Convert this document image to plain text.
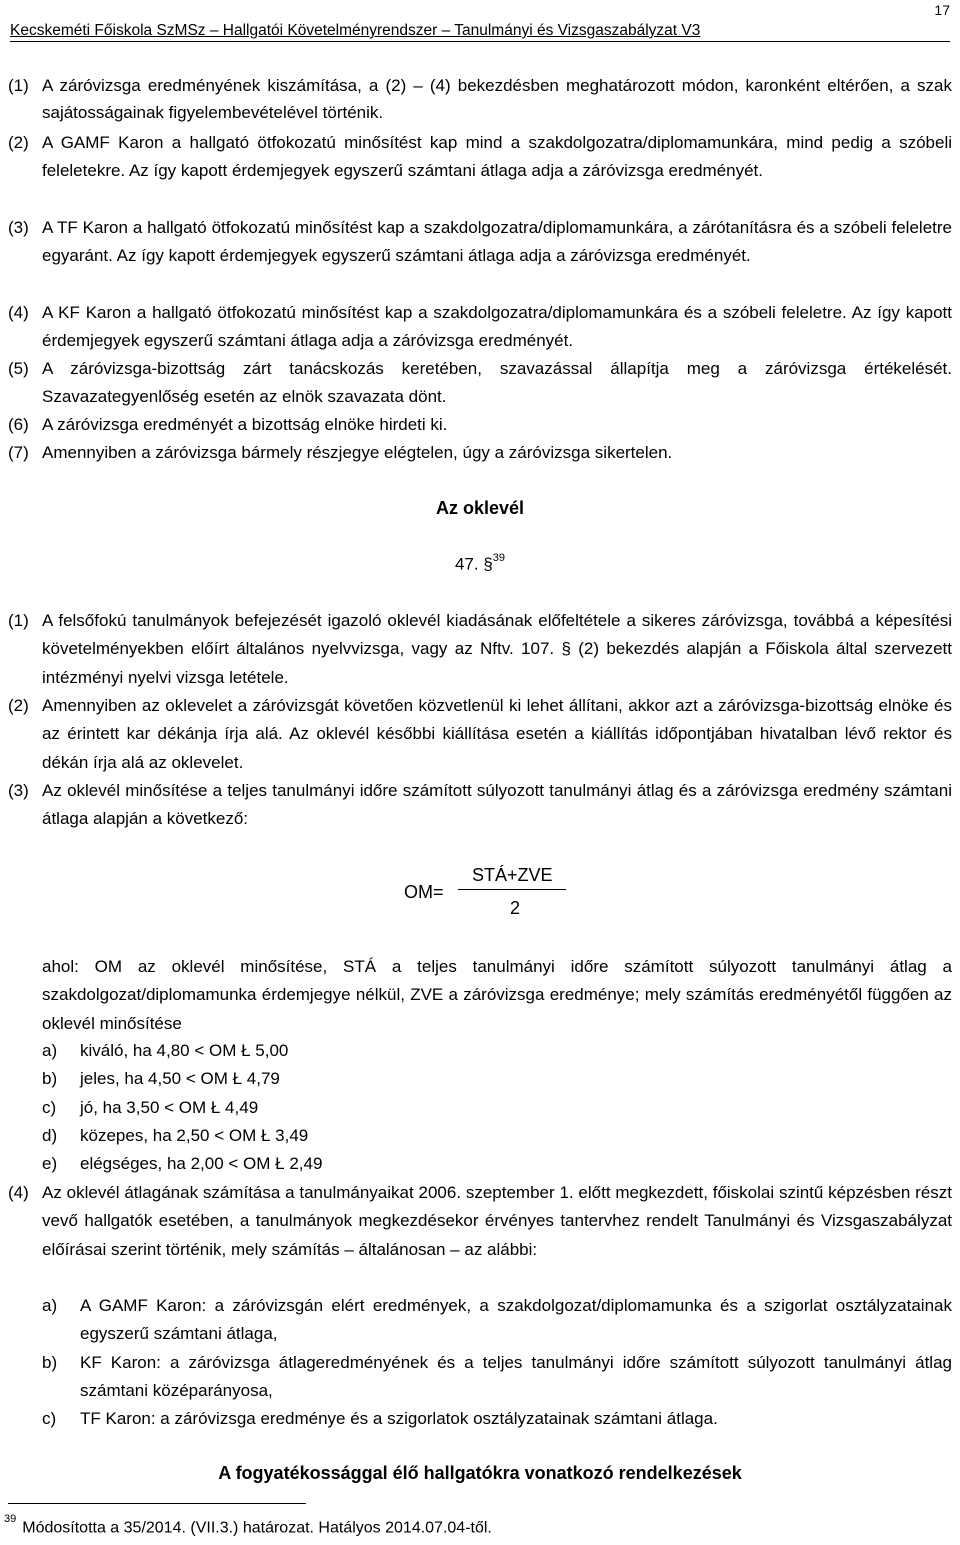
Kecskeméti Főiskola SzMSz – Hallgatói Követelményrendszer – Tanulmányi és Vizsgaszabályzat V3
17
(1) A záróvizsga eredményének kiszámítása, a (2) – (4) bekezdésben meghatározott módon, karonként eltérően, a szak sajátosságainak figyelembevételével történik.
(2) A GAMF Karon a hallgató ötfokozatú minősítést kap mind a szakdolgozatra/diplomamunkára, mind pedig a szóbeli feleletekre. Az így kapott érdemjegyek egyszerű számtani átlaga adja a záróvizsga eredményét.
(3) A TF Karon a hallgató ötfokozatú minősítést kap a szakdolgozatra/diplomamunkára, a zárótanításra és a szóbeli feleletre egyaránt. Az így kapott érdemjegyek egyszerű számtani átlaga adja a záróvizsga eredményét.
(4) A KF Karon a hallgató ötfokozatú minősítést kap a szakdolgozatra/diplomamunkára és a szóbeli feleletre. Az így kapott érdemjegyek egyszerű számtani átlaga adja a záróvizsga eredményét.
(5) A záróvizsga-bizottság zárt tanácskozás keretében, szavazással állapítja meg a záróvizsga értékelését. Szavazategyenlőség esetén az elnök szavazata dönt.
(6) A záróvizsga eredményét a bizottság elnöke hirdeti ki.
(7) Amennyiben a záróvizsga bármely részjegye elégtelen, úgy a záróvizsga sikertelen.
Az oklevél
47. §$^{39}$
(1) A felsőfokú tanulmányok befejezését igazoló oklevél kiadásának előfeltétele a sikeres záróvizsga, továbbá a képesítési követelményekben előírt általános nyelvvizsga, vagy az Nftv. 107. § (2) bekezdés alapján a Főiskola által szervezett intézményi nyelvi vizsga letétele.
(2) Amennyiben az oklevelet a záróvizsgát követően közvetlenül ki lehet állítani, akkor azt a záróvizsga-bizottság elnöke és az érintett kar dékánja írja alá. Az oklevél későbbi kiállítása esetén a kiállítás időpontjában hivatalban lévő rektor és dékán írja alá az oklevelet.
(3) Az oklevél minősítése a teljes tanulmányi időre számított súlyozott tanulmányi átlag és a záróvizsga eredmény számtani átlaga alapján a következő:
OM=
STÁ+ZVE
2
ahol: OM az oklevél minősítése, STÁ a teljes tanulmányi időre számított súlyozott tanulmányi átlag a szakdolgozat/diplomamunka érdemjegye nélkül, ZVE a záróvizsga eredménye; mely számítás eredményétől függően az oklevél minősítése
a) kiváló, ha 4,80 < OM Ł 5,00
b) jeles, ha 4,50 < OM Ł 4,79
c) jó, ha 3,50 < OM Ł 4,49
d) közepes, ha 2,50 < OM Ł 3,49
e) elégséges, ha 2,00 < OM Ł 2,49
(4) Az oklevél átlagának számítása a tanulmányaikat 2006. szeptember 1. előtt megkezdett, főiskolai szintű képzésben részt vevő hallgatók esetében, a tanulmányok megkezdésekor érvényes tantervhez rendelt Tanulmányi és Vizsgaszabályzat előírásai szerint történik, mely számítás – általánosan – az alábbi:
a) A GAMF Karon: a záróvizsgán elért eredmények, a szakdolgozat/diplomamunka és a szigorlat osztályzatainak egyszerű számtani átlaga,
b) KF Karon: a záróvizsga átlageredményének és a teljes tanulmányi időre számított súlyozott tanulmányi átlag számtani középarányosa,
c) TF Karon: a záróvizsga eredménye és a szigorlatok osztályzatainak számtani átlaga.
A fogyatékossággal élő hallgatókra vonatkozó rendelkezések
$^{39}$Módosította a 35/2014. (VII.3.) határozat. Hatályos 2014.07.04-től.
